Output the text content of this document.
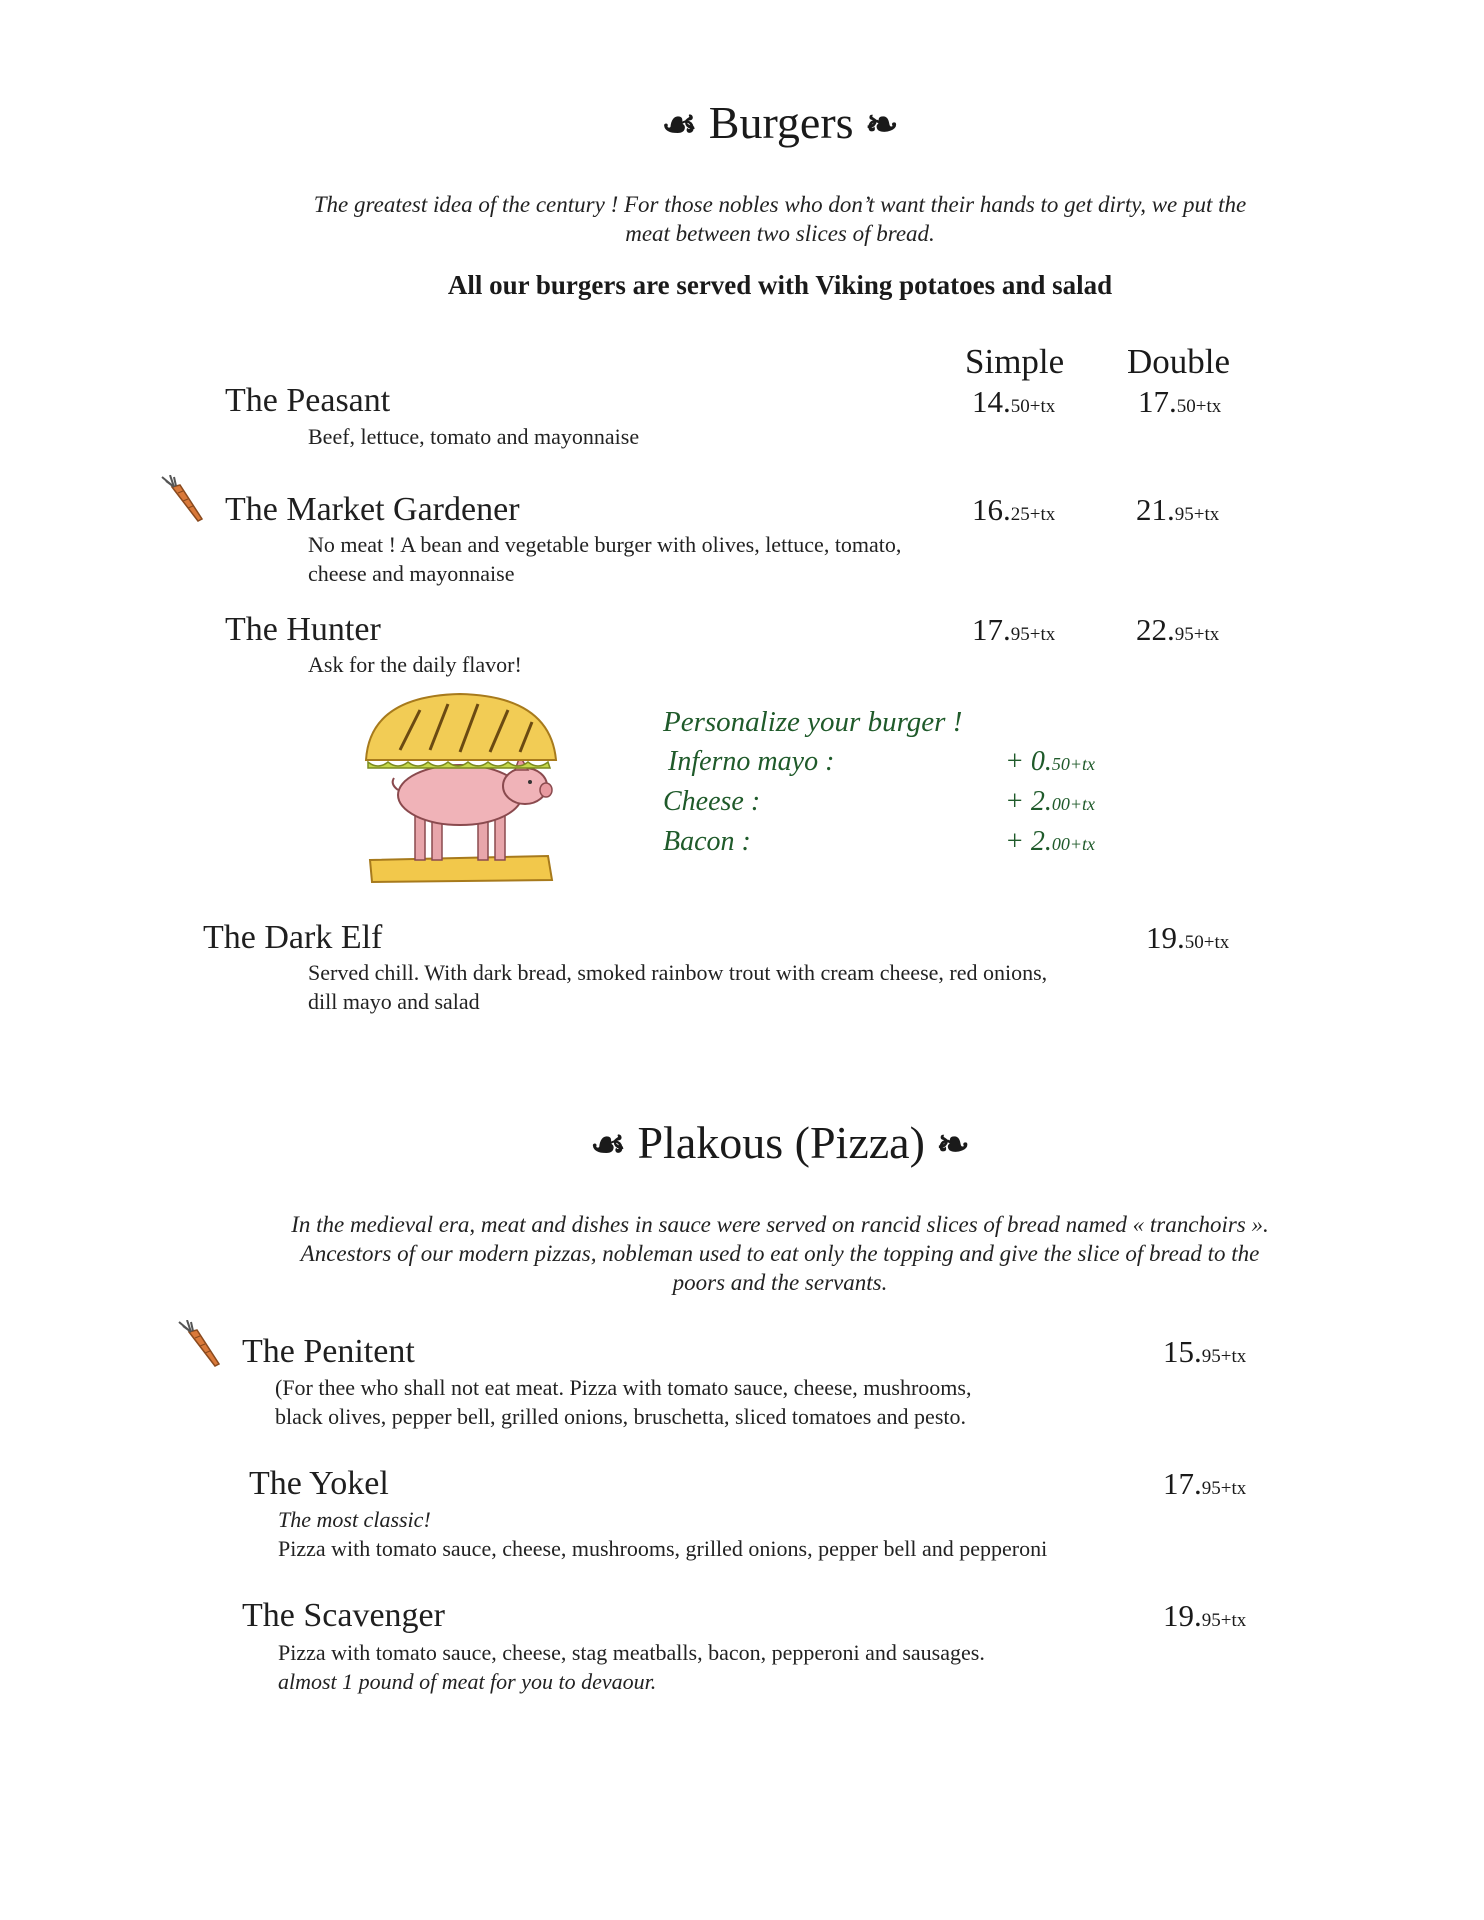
☙ Burgers ❧
The greatest idea of the century ! For those nobles who don’t want their hands to get dirty, we put the
meat between two slices of bread.
All our burgers are served with Viking potatoes and salad
Simple Double
The Peasant	14.50+tx	17.50+tx
Beef, lettuce, tomato and mayonnaise
The Market Gardener	16.25+tx	21.95+tx
No meat ! A bean and vegetable burger with olives, lettuce, tomato,
cheese and mayonnaise
The Hunter	17.95+tx	22.95+tx
Ask for the daily flavor!
Personalize your burger !
Inferno mayo :	+ 0.50+tx
Cheese :	+ 2.00+tx
Bacon :	+ 2.00+tx
The Dark Elf	19.50+tx
Served chill. With dark bread, smoked rainbow trout with cream cheese, red onions,
dill mayo and salad
☙ Plakous (Pizza) ❧
In the medieval era, meat and dishes in sauce were served on rancid slices of bread named « tranchoirs ».
Ancestors of our modern pizzas, nobleman used to eat only the topping and give the slice of bread to the
poors and the servants.
The Penitent	15.95+tx
(For thee who shall not eat meat. Pizza with tomato sauce, cheese, mushrooms,
black olives, pepper bell, grilled onions, bruschetta, sliced tomatoes and pesto.
The Yokel	17.95+tx
The most classic!
Pizza with tomato sauce, cheese, mushrooms, grilled onions, pepper bell and pepperoni
The Scavenger	19.95+tx
Pizza with tomato sauce, cheese, stag meatballs, bacon, pepperoni and sausages.
almost 1 pound of meat for you to devaour.
